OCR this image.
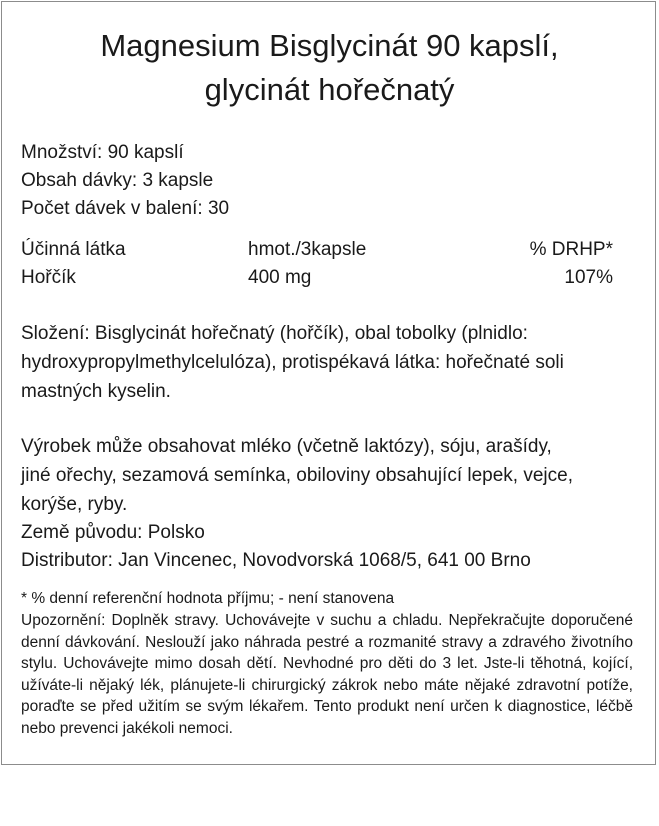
Magnesium Bisglycinát 90 kapslí,
glycinát hořečnatý
Množství: 90 kapslí
Obsah dávky: 3 kapsle
Počet dávek v balení: 30
Účinná látka	hmot./3kapsle	% DRHP*
Hořčík	400 mg	107%
Složení: Bisglycinát hořečnatý (hořčík), obal tobolky (plnidlo:
hydroxypropylmethylcelulóza), protispékavá látka: hořečnaté soli
mastných kyselin.
Výrobek může obsahovat mléko (včetně laktózy), sóju, arašídy,
jiné ořechy, sezamová semínka, obiloviny obsahující lepek, vejce,
korýše, ryby.
Země původu: Polsko
Distributor: Jan Vincenec, Novodvorská 1068/5, 641 00 Brno
* % denní referenční hodnota příjmu; - není stanovena
Upozornění: Doplněk stravy. Uchovávejte v suchu a chladu. Nepřekračujte doporučené denní dávkování. Neslouží jako náhrada pestré a rozmanité stravy a zdravého životního stylu. Uchovávejte mimo dosah dětí. Nevhodné pro děti do 3 let. Jste-li těhotná, kojící, užíváte-li nějaký lék, plánujete-li chirurgický zákrok nebo máte nějaké zdravotní potíže, poraďte se před užitím se svým lékařem. Tento produkt není určen k diagnostice, léčbě nebo prevenci jakékoli nemoci.
